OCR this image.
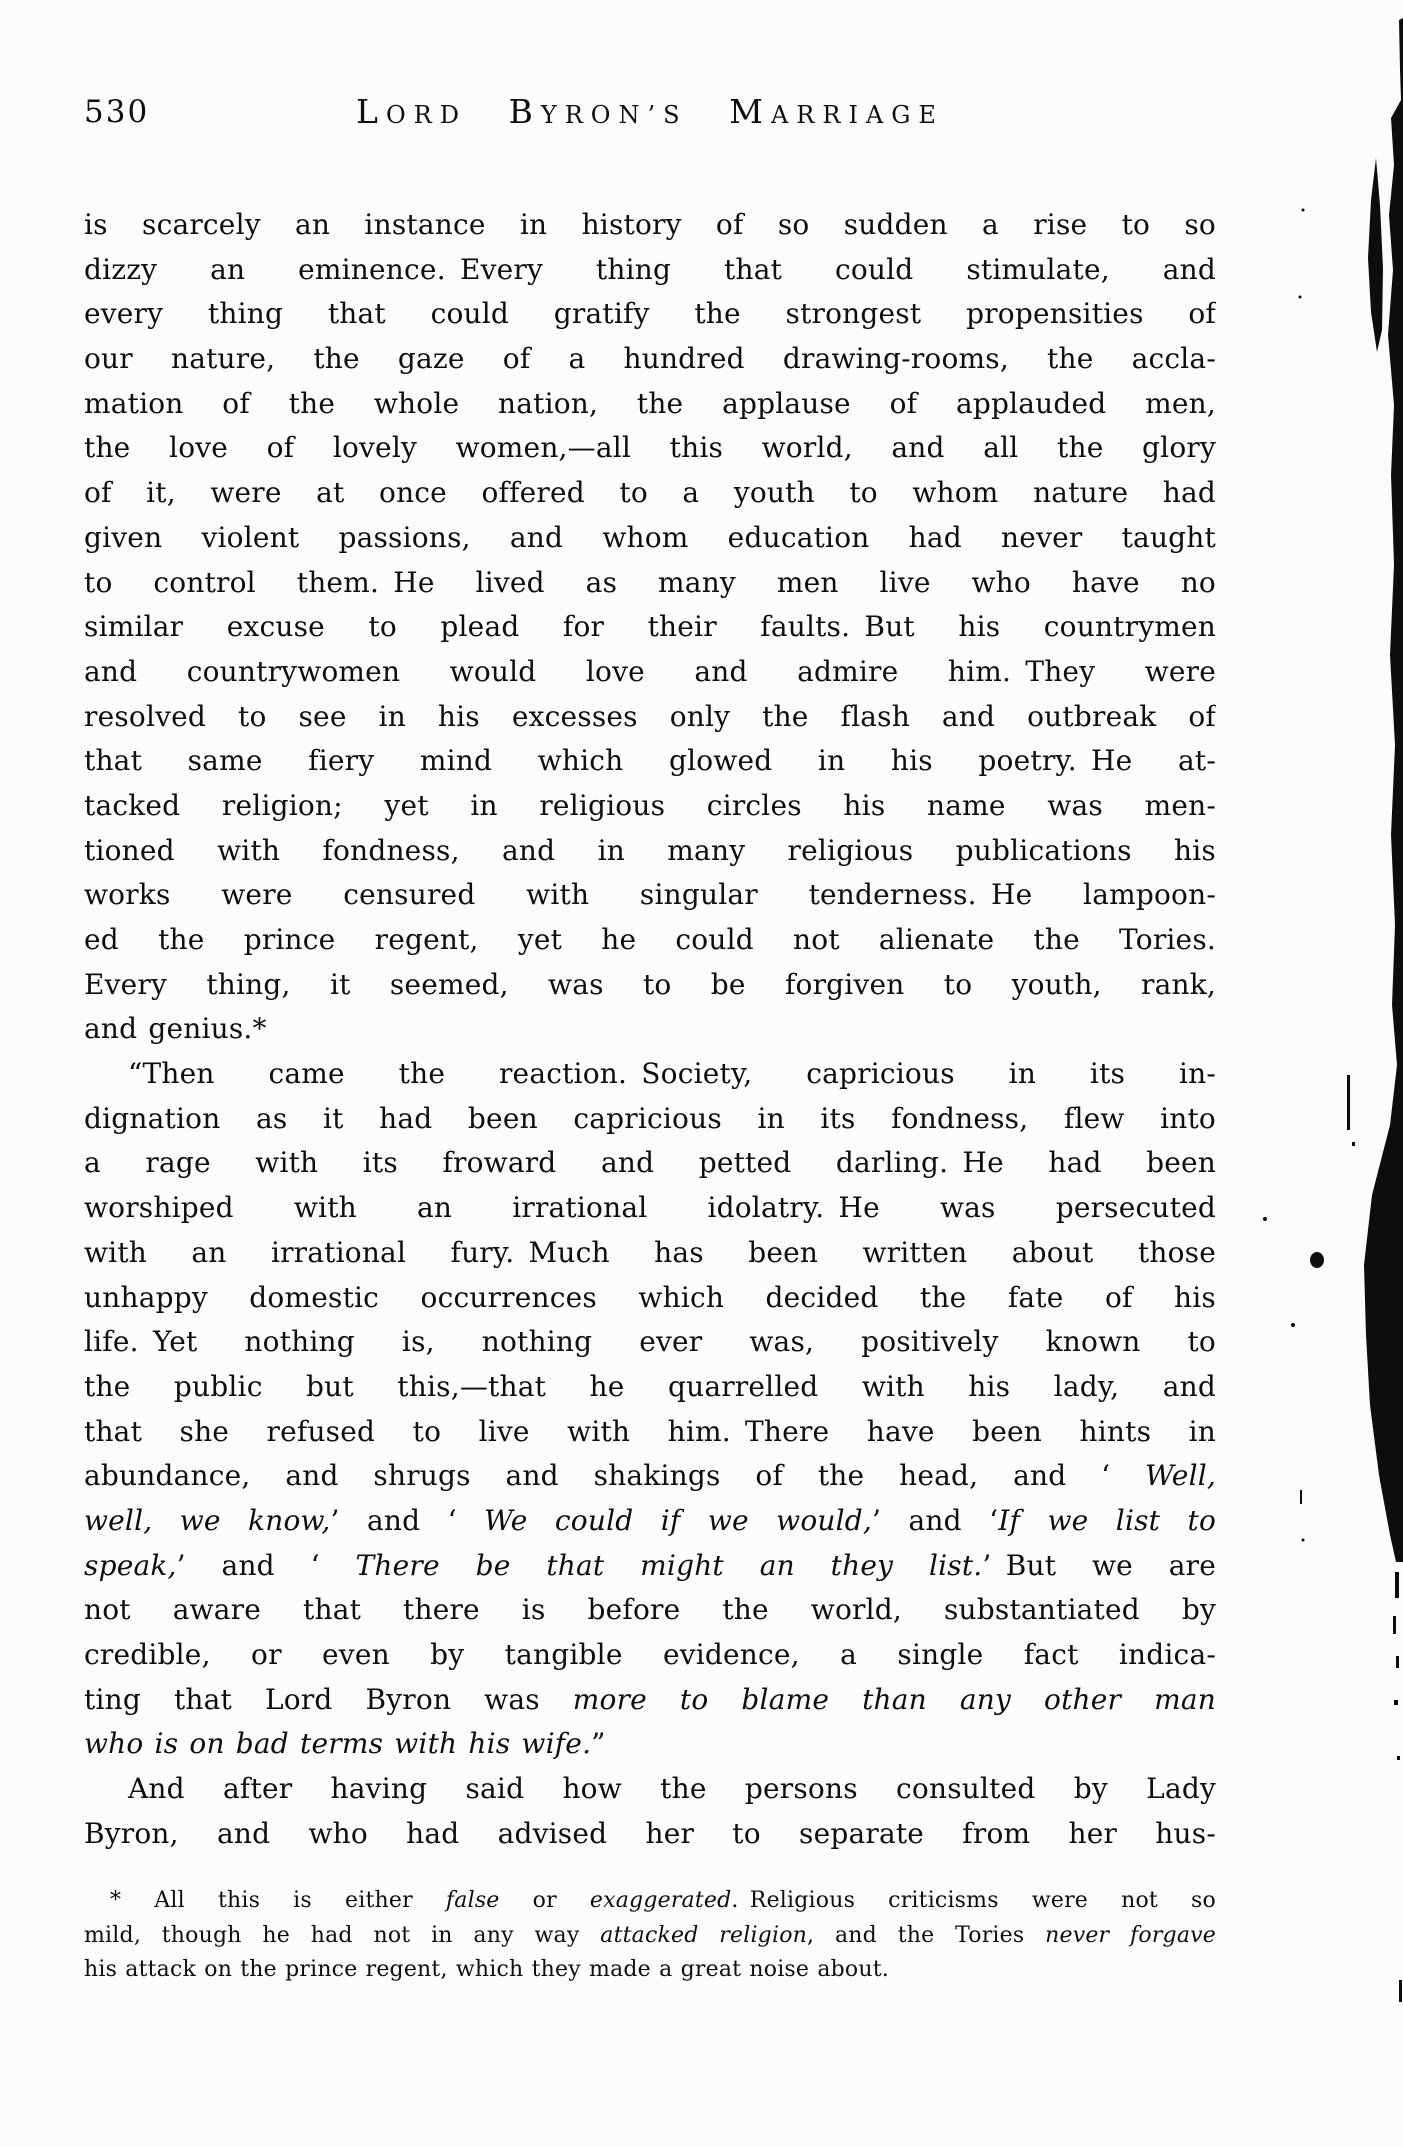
530	LORD BYRON’S MARRIAGE
is scarcely an instance in history of so sudden a rise to so
dizzy an eminence. Every thing that could stimulate, and
every thing that could gratify the strongest propensities of
our nature, the gaze of a hundred drawing-rooms, the accla-
mation of the whole nation, the applause of applauded men,
the love of lovely women,—all this world, and all the glory
of it, were at once offered to a youth to whom nature had
given violent passions, and whom education had never taught
to control them. He lived as many men live who have no
similar excuse to plead for their faults. But his countrymen
and countrywomen would love and admire him. They were
resolved to see in his excesses only the flash and outbreak of
that same fiery mind which glowed in his poetry. He at-
tacked religion; yet in religious circles his name was men-
tioned with fondness, and in many religious publications his
works were censured with singular tenderness. He lampoon-
ed the prince regent, yet he could not alienate the Tories.
Every thing, it seemed, was to be forgiven to youth, rank,
and genius.*
“Then came the reaction. Society, capricious in its in-
dignation as it had been capricious in its fondness, flew into
a rage with its froward and petted darling. He had been
worshiped with an irrational idolatry. He was persecuted
with an irrational fury. Much has been written about those
unhappy domestic occurrences which decided the fate of his
life. Yet nothing is, nothing ever was, positively known to
the public but this,—that he quarrelled with his lady, and
that she refused to live with him. There have been hints in
abundance, and shrugs and shakings of the head, and ‘ Well,
well, we know,’ and ‘ We could if we would,’ and ‘If we list to
speak,’ and ‘ There be that might an they list.’ But we are
not aware that there is before the world, substantiated by
credible, or even by tangible evidence, a single fact indica-
ting that Lord Byron was more to blame than any other man
who is on bad terms with his wife.”
And after having said how the persons consulted by Lady
Byron, and who had advised her to separate from her hus-
* All this is either false or exaggerated. Religious criticisms were not so
mild, though he had not in any way attacked religion, and the Tories never forgave
his attack on the prince regent, which they made a great noise about.
